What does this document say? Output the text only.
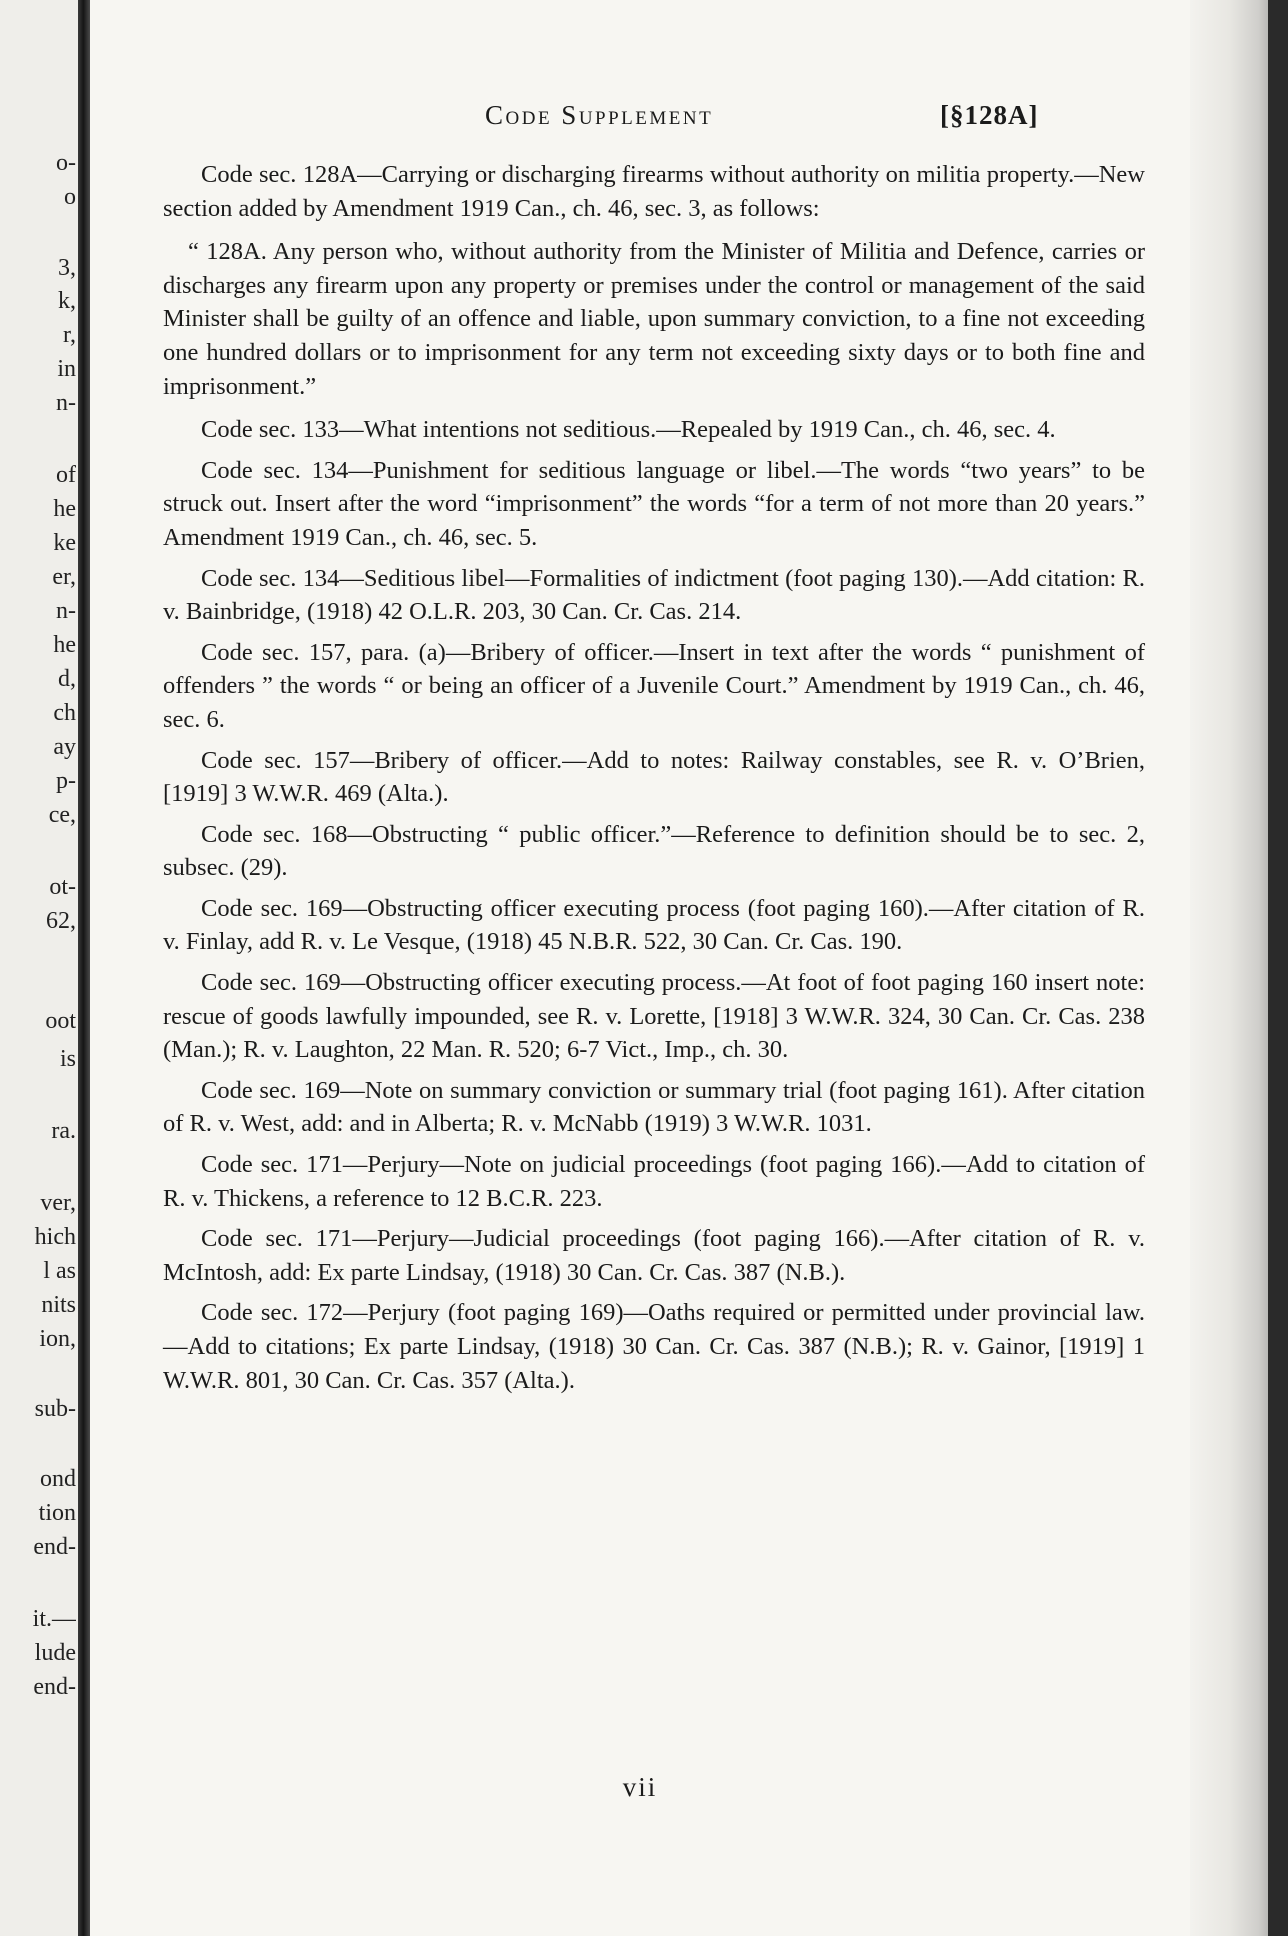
o-
o
3,
k,
r,
in
n-
of
he
ke
er,
n-
he
d,
ch
ay
p-
ce,
ot-
62,
oot
is
ra.
ver,
hich
l as
nits
ion,
sub-
ond
tion
end-
it.—
lude
end-
Code Supplement	[§128A]

Code sec. 128A—Carrying or discharging firearms without authority on militia property.—New section added by Amendment 1919 Can., ch. 46, sec. 3, as follows:

“ 128A. Any person who, without authority from the Minister of Militia and Defence, carries or discharges any firearm upon any property or premises under the control or management of the said Minister shall be guilty of an offence and liable, upon summary conviction, to a fine not exceeding one hundred dollars or to imprisonment for any term not exceeding sixty days or to both fine and imprisonment.”

Code sec. 133—What intentions not seditious.—Repealed by 1919 Can., ch. 46, sec. 4.

Code sec. 134—Punishment for seditious language or libel.—The words “two years” to be struck out. Insert after the word “imprisonment” the words “for a term of not more than 20 years.” Amendment 1919 Can., ch. 46, sec. 5.

Code sec. 134—Seditious libel—Formalities of indictment (foot paging 130).—Add citation: R. v. Bainbridge, (1918) 42 O.L.R. 203, 30 Can. Cr. Cas. 214.

Code sec. 157, para. (a)—Bribery of officer.—Insert in text after the words “ punishment of offenders ” the words “ or being an officer of a Juvenile Court.” Amendment by 1919 Can., ch. 46, sec. 6.

Code sec. 157—Bribery of officer.—Add to notes: Railway constables, see R. v. O’Brien, [1919] 3 W.W.R. 469 (Alta.).

Code sec. 168—Obstructing “ public officer.”—Reference to definition should be to sec. 2, subsec. (29).

Code sec. 169—Obstructing officer executing process (foot paging 160).—After citation of R. v. Finlay, add R. v. Le Vesque, (1918) 45 N.B.R. 522, 30 Can. Cr. Cas. 190.

Code sec. 169—Obstructing officer executing process.—At foot of foot paging 160 insert note: rescue of goods lawfully impounded, see R. v. Lorette, [1918] 3 W.W.R. 324, 30 Can. Cr. Cas. 238 (Man.); R. v. Laughton, 22 Man. R. 520; 6-7 Vict., Imp., ch. 30.

Code sec. 169—Note on summary conviction or summary trial (foot paging 161). After citation of R. v. West, add: and in Alberta; R. v. McNabb (1919) 3 W.W.R. 1031.

Code sec. 171—Perjury—Note on judicial proceedings (foot paging 166).—Add to citation of R. v. Thickens, a reference to 12 B.C.R. 223.

Code sec. 171—Perjury—Judicial proceedings (foot paging 166).—After citation of R. v. McIntosh, add: Ex parte Lindsay, (1918) 30 Can. Cr. Cas. 387 (N.B.).

Code sec. 172—Perjury (foot paging 169)—Oaths required or permitted under provincial law.—Add to citations; Ex parte Lindsay, (1918) 30 Can. Cr. Cas. 387 (N.B.); R. v. Gainor, [1919] 1 W.W.R. 801, 30 Can. Cr. Cas. 357 (Alta.).

vii
